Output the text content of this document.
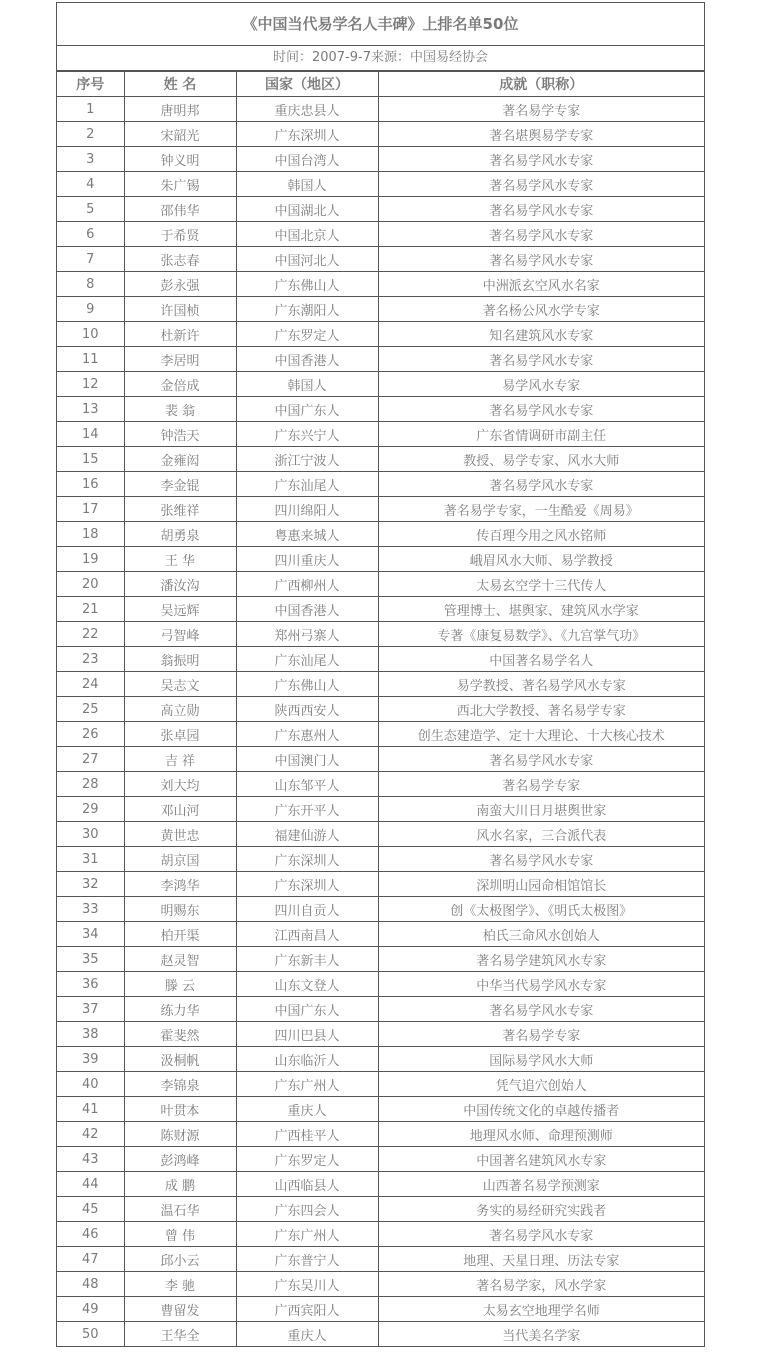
《中国当代易学名人丰碑》上排名单50位
时间：2007-9-7来源：中国易经协会
序号	姓 名	国家（地区）	成就（职称）
1	唐明邦	重庆忠县人	著名易学专家
2	宋韶光	广东深圳人	著名堪舆易学专家
3	钟义明	中国台湾人	著名易学风水专家
4	朱广锡	韩国人	著名易学风水专家
5	邵伟华	中国湖北人	著名易学风水专家
6	于希贤	中国北京人	著名易学风水专家
7	张志春	中国河北人	著名易学风水专家
8	彭永强	广东佛山人	中洲派玄空风水名家
9	许国桢	广东潮阳人	著名杨公风水学专家
10	杜新许	广东罗定人	知名建筑风水专家
11	李居明	中国香港人	著名易学风水专家
12	金倍成	韩国人	易学风水专家
13	裴 翁	中国广东人	著名易学风水专家
14	钟浩天	广东兴宁人	广东省情调研市副主任
15	金雍闳	浙江宁波人	教授、易学专家、风水大师
16	李金锟	广东汕尾人	著名易学风水专家
17	张维祥	四川绵阳人	著名易学专家，一生酷爱《周易》
18	胡勇泉	粤惠来城人	传百理今用之风水铭师
19	王 华	四川重庆人	峨眉风水大师、易学教授
20	潘汝沟	广西柳州人	太易玄空学十三代传人
21	吴远辉	中国香港人	管理博士、堪舆家、建筑风水学家
22	弓智峰	郑州弓寨人	专著《康复易数学》、《九宫掌气功》
23	翁振明	广东汕尾人	中国著名易学名人
24	吴志文	广东佛山人	易学教授、著名易学风水专家
25	高立勋	陕西西安人	西北大学教授、著名易学专家
26	张卓园	广东惠州人	创生态建造学、定十大理论、十大核心技术
27	吉 祥	中国澳门人	著名易学风水专家
28	刘大均	山东邹平人	著名易学专家
29	邓山河	广东开平人	南蛮大川日月堪舆世家
30	黄世忠	福建仙游人	风水名家，三合派代表
31	胡京国	广东深圳人	著名易学风水专家
32	李鸿华	广东深圳人	深圳明山园命相馆馆长
33	明赐东	四川自贡人	创《太极图学》、《明氏太极图》
34	柏开渠	江西南昌人	柏氏三命风水创始人
35	赵灵智	广东新丰人	著名易学建筑风水专家
36	滕 云	山东文登人	中华当代易学风水专家
37	练力华	中国广东人	著名易学风水专家
38	霍斐然	四川巴县人	著名易学专家
39	汲桐帆	山东临沂人	国际易学风水大师
40	李锦泉	广东广州人	凭气追穴创始人
41	叶贯本	重庆人	中国传统文化的卓越传播者
42	陈财源	广西桂平人	地理风水师、命理预测师
43	彭鸿峰	广东罗定人	中国著名建筑风水专家
44	成 鹏	山西临县人	山西著名易学预测家
45	温石华	广东四会人	务实的易经研究实践者
46	曾 伟	广东广州人	著名易学风水专家
47	邱小云	广东普宁人	地理、天星日理、历法专家
48	李 驰	广东吴川人	著名易学家，风水学家
49	曹留发	广西宾阳人	太易玄空地理学名师
50	王华全	重庆人	当代美名学家
